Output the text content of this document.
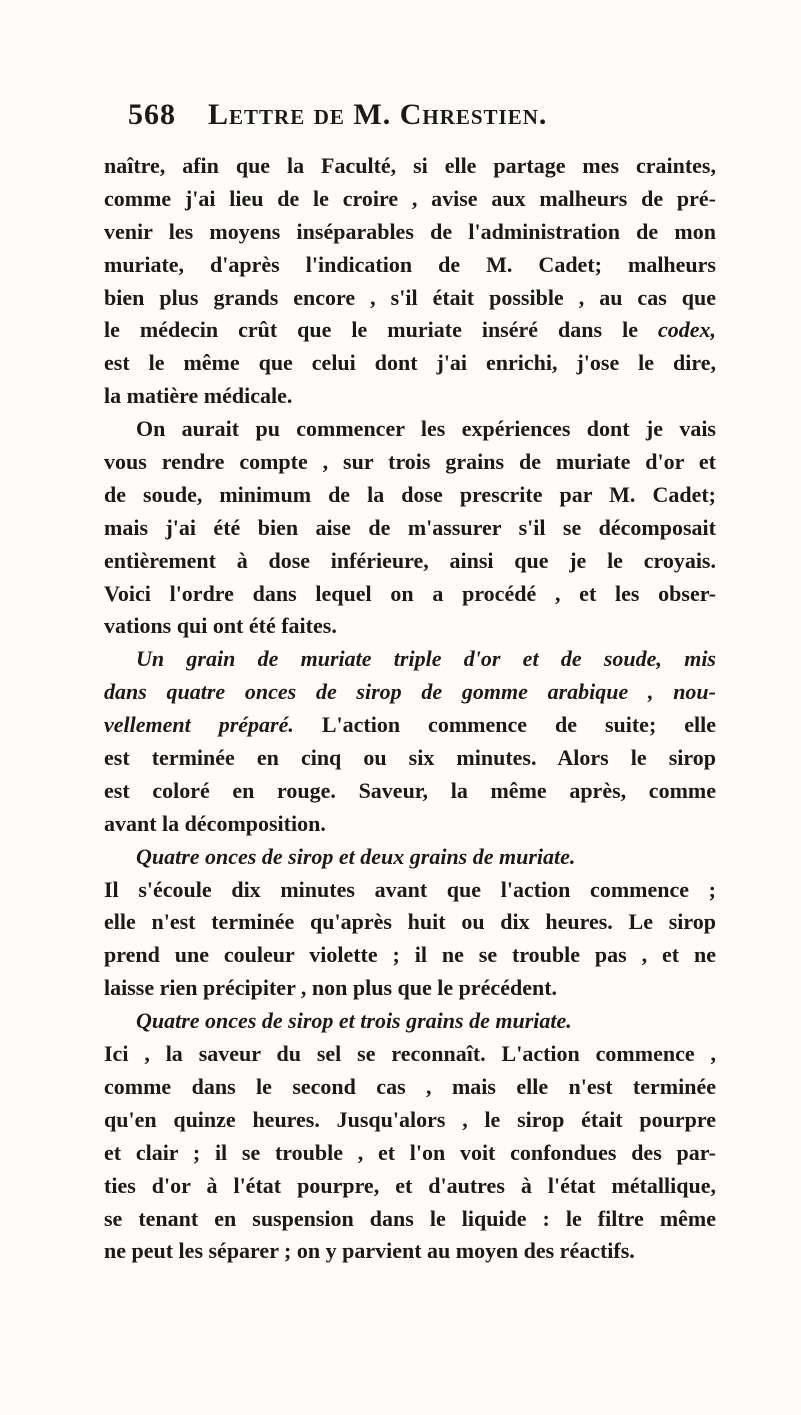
568 Lettre de M. Chrestien.
naître, afin que la Faculté, si elle partage mes craintes,
comme j'ai lieu de le croire , avise aux malheurs de pré-
venir les moyens inséparables de l'administration de mon
muriate, d'après l'indication de M. Cadet; malheurs
bien plus grands encore , s'il était possible , au cas que
le médecin crût que le muriate inséré dans le codex,
est le même que celui dont j'ai enrichi, j'ose le dire,
la matière médicale.
On aurait pu commencer les expériences dont je vais
vous rendre compte , sur trois grains de muriate d'or et
de soude, minimum de la dose prescrite par M. Cadet;
mais j'ai été bien aise de m'assurer s'il se décomposait
entièrement à dose inférieure, ainsi que je le croyais.
Voici l'ordre dans lequel on a procédé , et les obser-
vations qui ont été faites.
Un grain de muriate triple d'or et de soude, mis
dans quatre onces de sirop de gomme arabique , nou-
vellement préparé. L'action commence de suite; elle
est terminée en cinq ou six minutes. Alors le sirop
est coloré en rouge. Saveur, la même après, comme
avant la décomposition.
Quatre onces de sirop et deux grains de muriate.
Il s'écoule dix minutes avant que l'action commence ;
elle n'est terminée qu'après huit ou dix heures. Le sirop
prend une couleur violette ; il ne se trouble pas , et ne
laisse rien précipiter , non plus que le précédent.
Quatre onces de sirop et trois grains de muriate.
Ici , la saveur du sel se reconnaît. L'action commence ,
comme dans le second cas , mais elle n'est terminée
qu'en quinze heures. Jusqu'alors , le sirop était pourpre
et clair ; il se trouble , et l'on voit confondues des par-
ties d'or à l'état pourpre, et d'autres à l'état métallique,
se tenant en suspension dans le liquide : le filtre même
ne peut les séparer ; on y parvient au moyen des réactifs.
